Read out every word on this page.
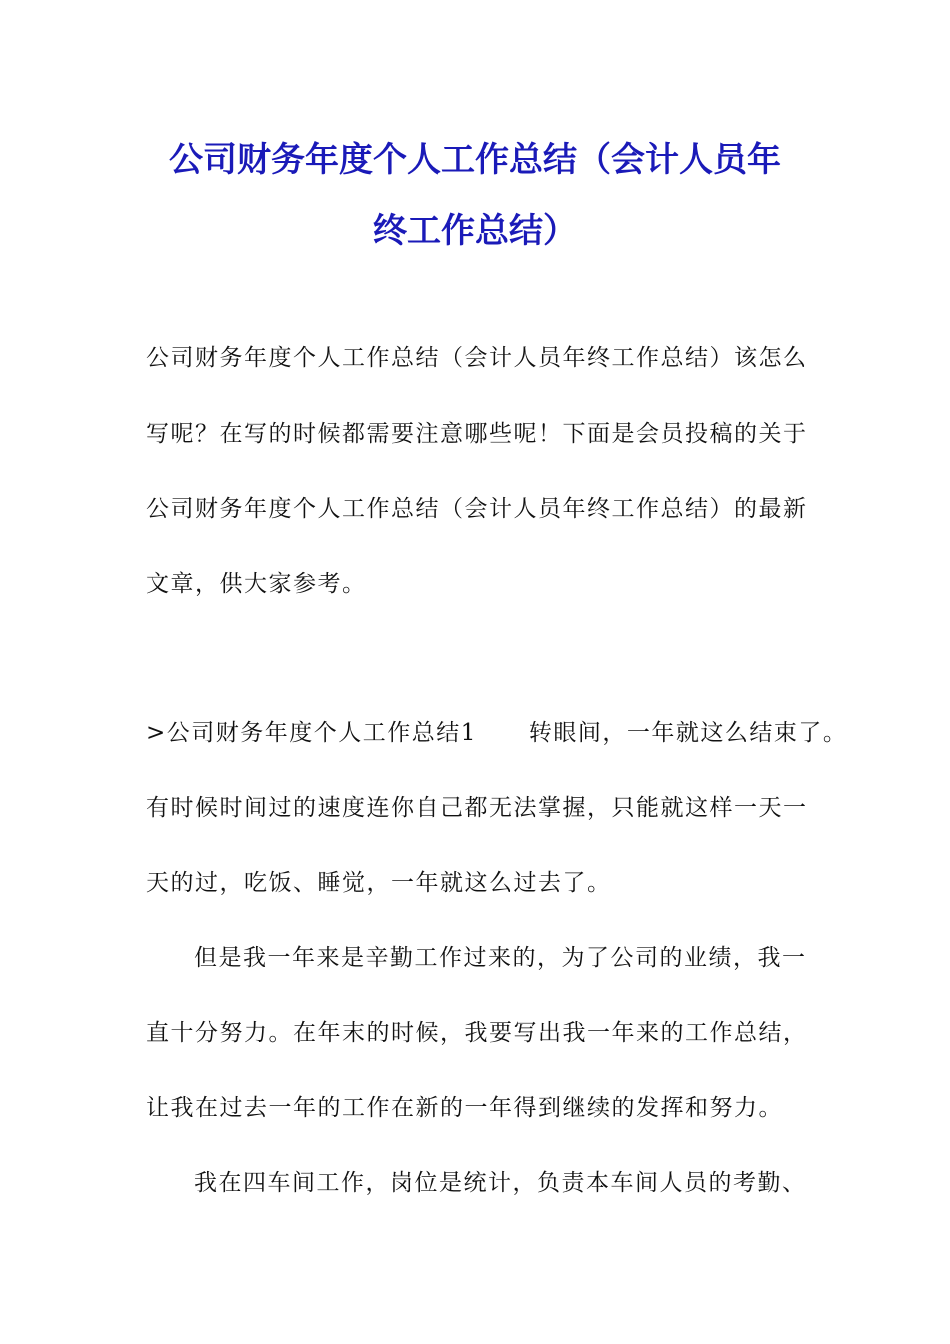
公司财务年度个人工作总结（会计人员年
终工作总结）
公司财务年度个人工作总结（会计人员年终工作总结）该怎么
写呢？在写的时候都需要注意哪些呢！下面是会员投稿的关于
公司财务年度个人工作总结（会计人员年终工作总结）的最新
文章，供大家参考。
>公司财务年度个人工作总结1 转眼间，一年就这么结束了。
有时候时间过的速度连你自己都无法掌握，只能就这样一天一
天的过，吃饭、睡觉，一年就这么过去了。
但是我一年来是辛勤工作过来的，为了公司的业绩，我一
直十分努力。在年末的时候，我要写出我一年来的工作总结，
让我在过去一年的工作在新的一年得到继续的发挥和努力。
我在四车间工作，岗位是统计，负责本车间人员的考勤、
